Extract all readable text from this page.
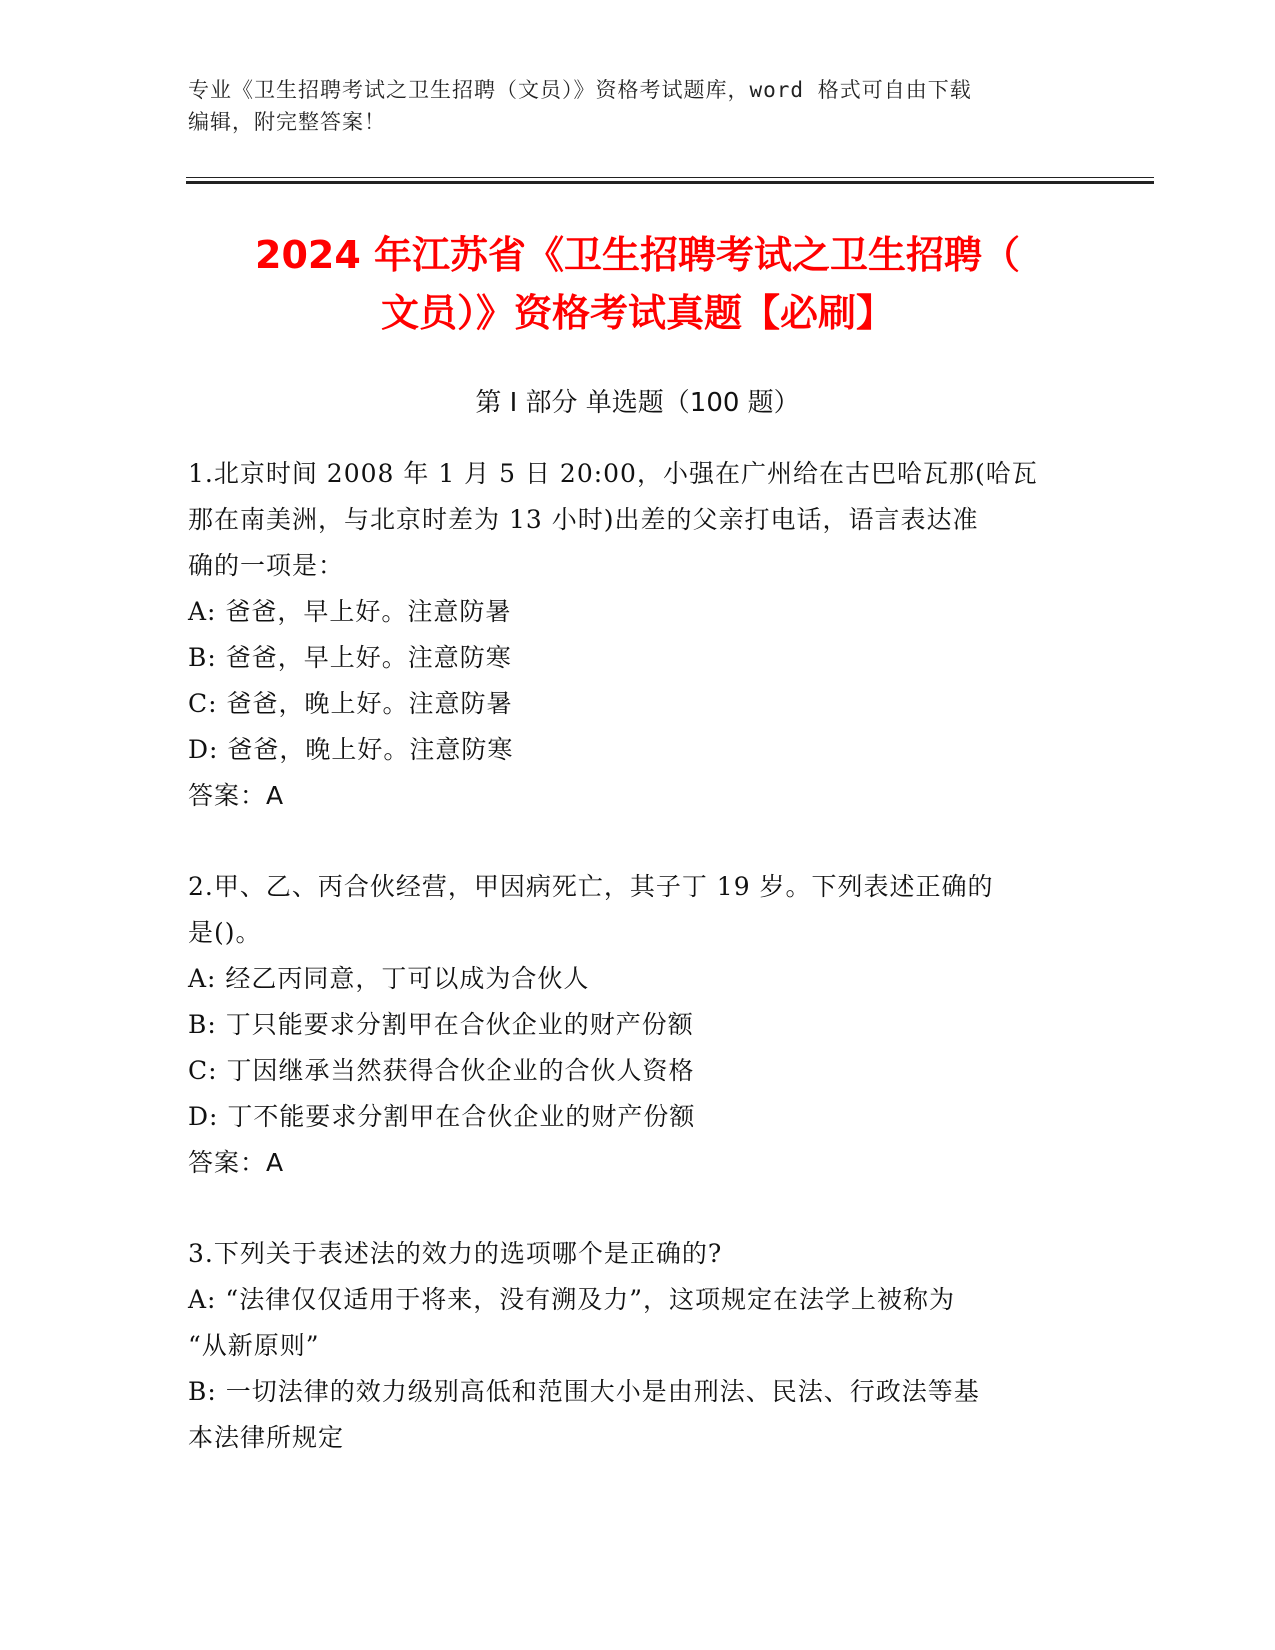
专业《卫生招聘考试之卫生招聘（文员）》资格考试题库，word 格式可自由下载
编辑，附完整答案！
2024 年江苏省《卫生招聘考试之卫生招聘（
文员）》资格考试真题【必刷】
第 I 部分 单选题（100 题）
1.北京时间 2008 年 1 月 5 日 20:00，小强在广州给在古巴哈瓦那(哈瓦
那在南美洲，与北京时差为 13 小时)出差的父亲打电话，语言表达准
确的一项是：
A: 爸爸，早上好。注意防暑
B: 爸爸，早上好。注意防寒
C: 爸爸，晚上好。注意防暑
D: 爸爸，晚上好。注意防寒
答案：A
2.甲、乙、丙合伙经营，甲因病死亡，其子丁 19 岁。下列表述正确的
是()。
A: 经乙丙同意，丁可以成为合伙人
B: 丁只能要求分割甲在合伙企业的财产份额
C: 丁因继承当然获得合伙企业的合伙人资格
D: 丁不能要求分割甲在合伙企业的财产份额
答案：A
3.下列关于表述法的效力的选项哪个是正确的?
A: “法律仅仅适用于将来，没有溯及力”，这项规定在法学上被称为
“从新原则”
B: 一切法律的效力级别高低和范围大小是由刑法、民法、行政法等基
本法律所规定
